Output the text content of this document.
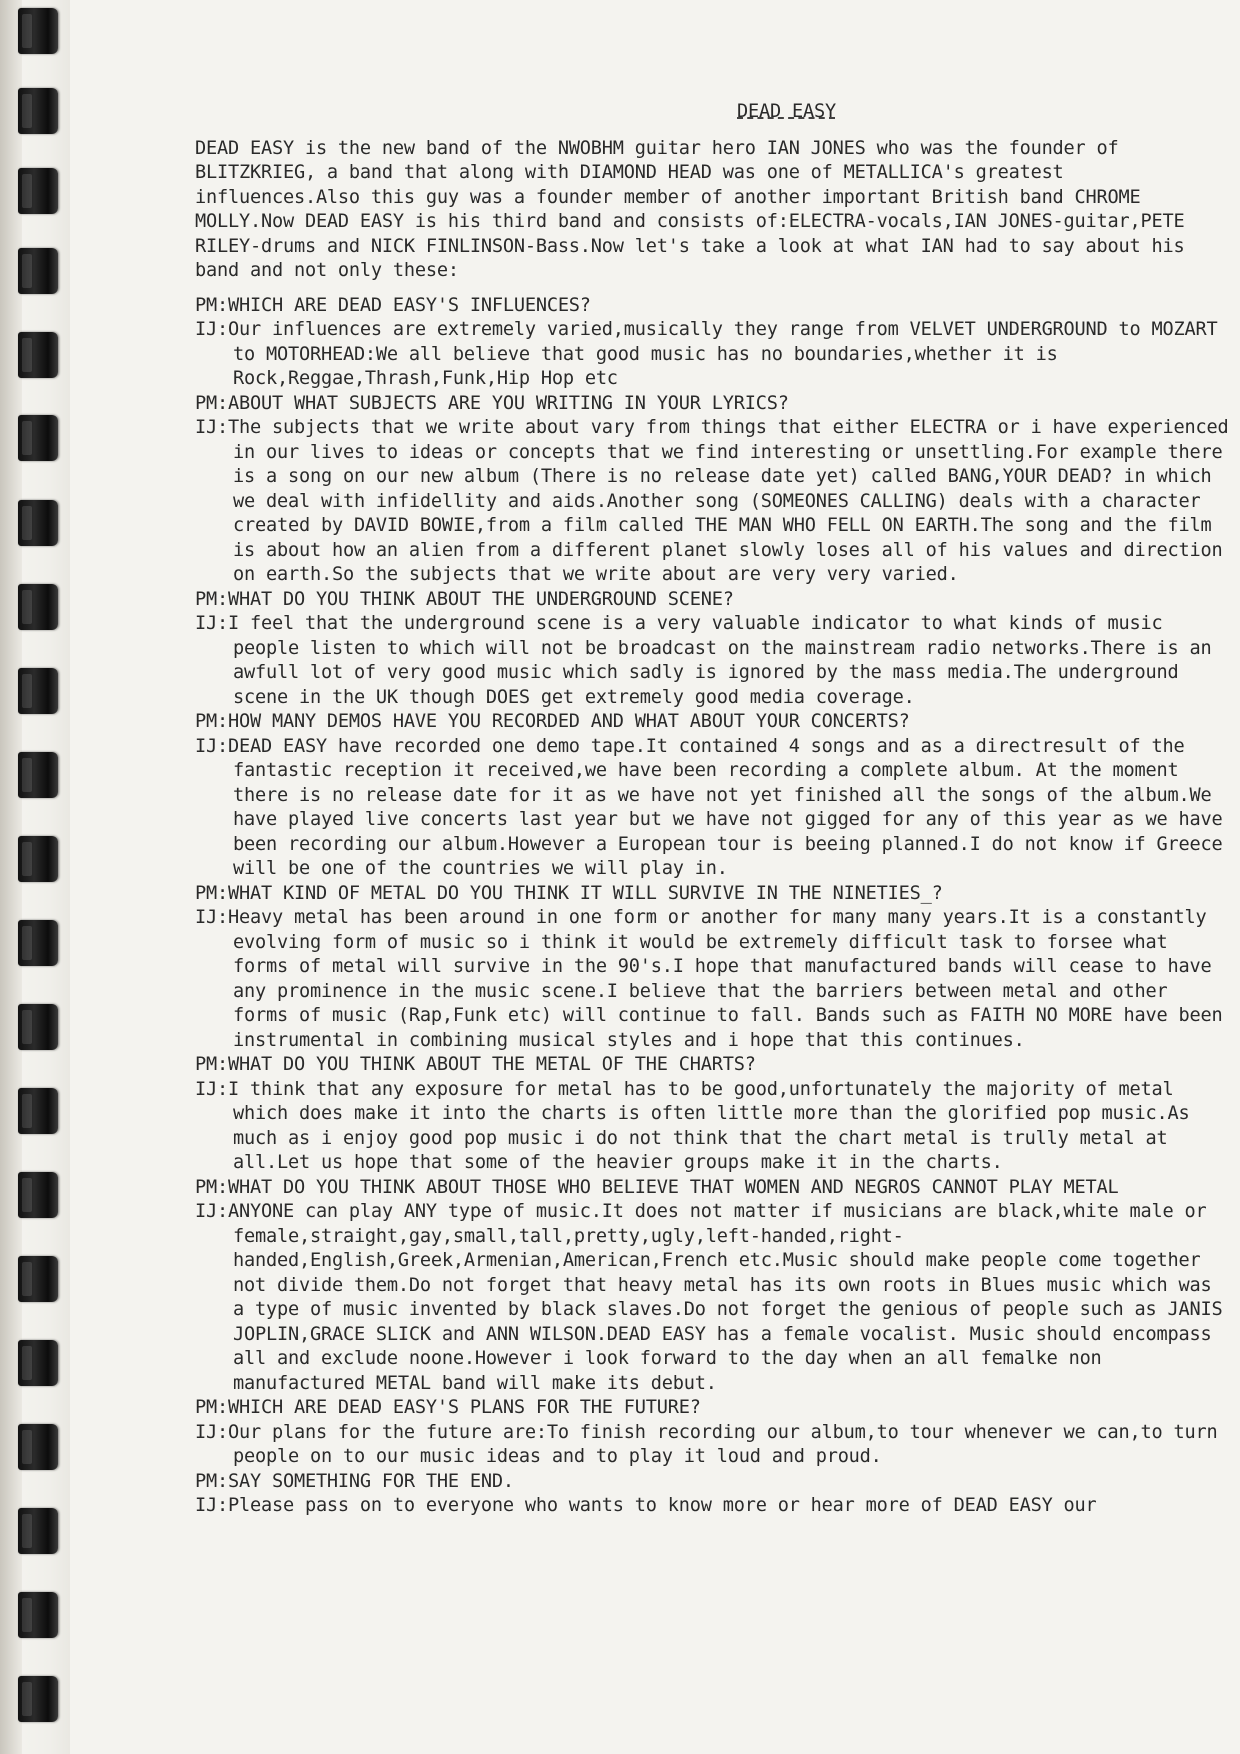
DEAD EASY

DEAD EASY is the new band of the NWOBHM guitar hero IAN JONES who was the founder of BLITZKRIEG, a band that along with DIAMOND HEAD was one of METALLICA's greatest influences.Also this guy was a founder member of another important British band CHROME MOLLY.Now DEAD EASY is his third band and consists of:ELECTRA-vocals,IAN JONES-guitar,PETE RILEY-drums and NICK FINLINSON-Bass.Now let's take a look at what IAN had to say about his band and not only these:

PM:WHICH ARE DEAD EASY'S INFLUENCES?

IJ:Our influences are extremely varied,musically they range from VELVET UNDERGROUND to MOZART to MOTORHEAD:We all believe that good music has no boundaries,whether it is Rock,Reggae,Thrash,Funk,Hip Hop etc

PM:ABOUT WHAT SUBJECTS ARE YOU WRITING IN YOUR LYRICS?

IJ:The subjects that we write about vary from things that either ELECTRA or i have experienced in our lives to ideas or concepts that we find interesting or unsettling.For example there is a song on our new album (There is no release date yet) called BANG,YOUR DEAD? in which we deal with infidellity and aids.Another song (SOMEONES CALLING) deals with a character created by DAVID BOWIE,from a film called THE MAN WHO FELL ON EARTH.The song and the film is about how an alien from a different planet slowly loses all of his values and direction on earth.So the subjects that we write about are very very varied.

PM:WHAT DO YOU THINK ABOUT THE UNDERGROUND SCENE?

IJ:I feel that the underground scene is a very valuable indicator to what kinds of music people listen to which will not be broadcast on the mainstream radio networks.There is an awfull lot of very good music which sadly is ignored by the mass media.The underground scene in the UK though DOES get extremely good media coverage.

PM:HOW MANY DEMOS HAVE YOU RECORDED AND WHAT ABOUT YOUR CONCERTS?

IJ:DEAD EASY have recorded one demo tape.It contained 4 songs and as a directresult of the fantastic reception it received,we have been recording a complete album. At the moment there is no release date for it as we have not yet finished all the songs of the album.We have played live concerts last year but we have not gigged for any of this year as we have been recording our album.However a European tour is beeing planned.I do not know if Greece will be one of the countries we will play in.

PM:WHAT KIND OF METAL DO YOU THINK IT WILL SURVIVE IN THE NINETIES_?

IJ:Heavy metal has been around in one form or another for many many years.It is a constantly evolving form of music so i think it would be extremely difficult task to forsee what forms of metal will survive in the 90's.I hope that manufactured bands will cease to have any prominence in the music scene.I believe that the barriers between metal and other forms of music (Rap,Funk etc) will continue to fall. Bands such as FAITH NO MORE have been instrumental in combining musical styles and i hope that this continues.

PM:WHAT DO YOU THINK ABOUT THE METAL OF THE CHARTS?

IJ:I think that any exposure for metal has to be good,unfortunately the majority of metal which does make it into the charts is often little more than the glorified pop music.As much as i enjoy good pop music i do not think that the chart metal is trully metal at all.Let us hope that some of the heavier groups make it in the charts.

PM:WHAT DO YOU THINK ABOUT THOSE WHO BELIEVE THAT WOMEN AND NEGROS CANNOT PLAY METAL

IJ:ANYONE can play ANY type of music.It does not matter if musicians are black,white male or female,straight,gay,small,tall,pretty,ugly,left-handed,right-handed,English,Greek,Armenian,American,French etc.Music should make people come together not divide them.Do not forget that heavy metal has its own roots in Blues music which was a type of music invented by black slaves.Do not forget the genious of people such as JANIS JOPLIN,GRACE SLICK and ANN WILSON.DEAD EASY has a female vocalist. Music should encompass all and exclude noone.However i look forward to the day when an all femalke non manufactured METAL band will make its debut.

PM:WHICH ARE DEAD EASY'S PLANS FOR THE FUTURE?

IJ:Our plans for the future are:To finish recording our album,to tour whenever we can,to turn people on to our music ideas and to play it loud and proud.

PM:SAY SOMETHING FOR THE END.

IJ:Please pass on to everyone who wants to know more or hear more of DEAD EASY our
